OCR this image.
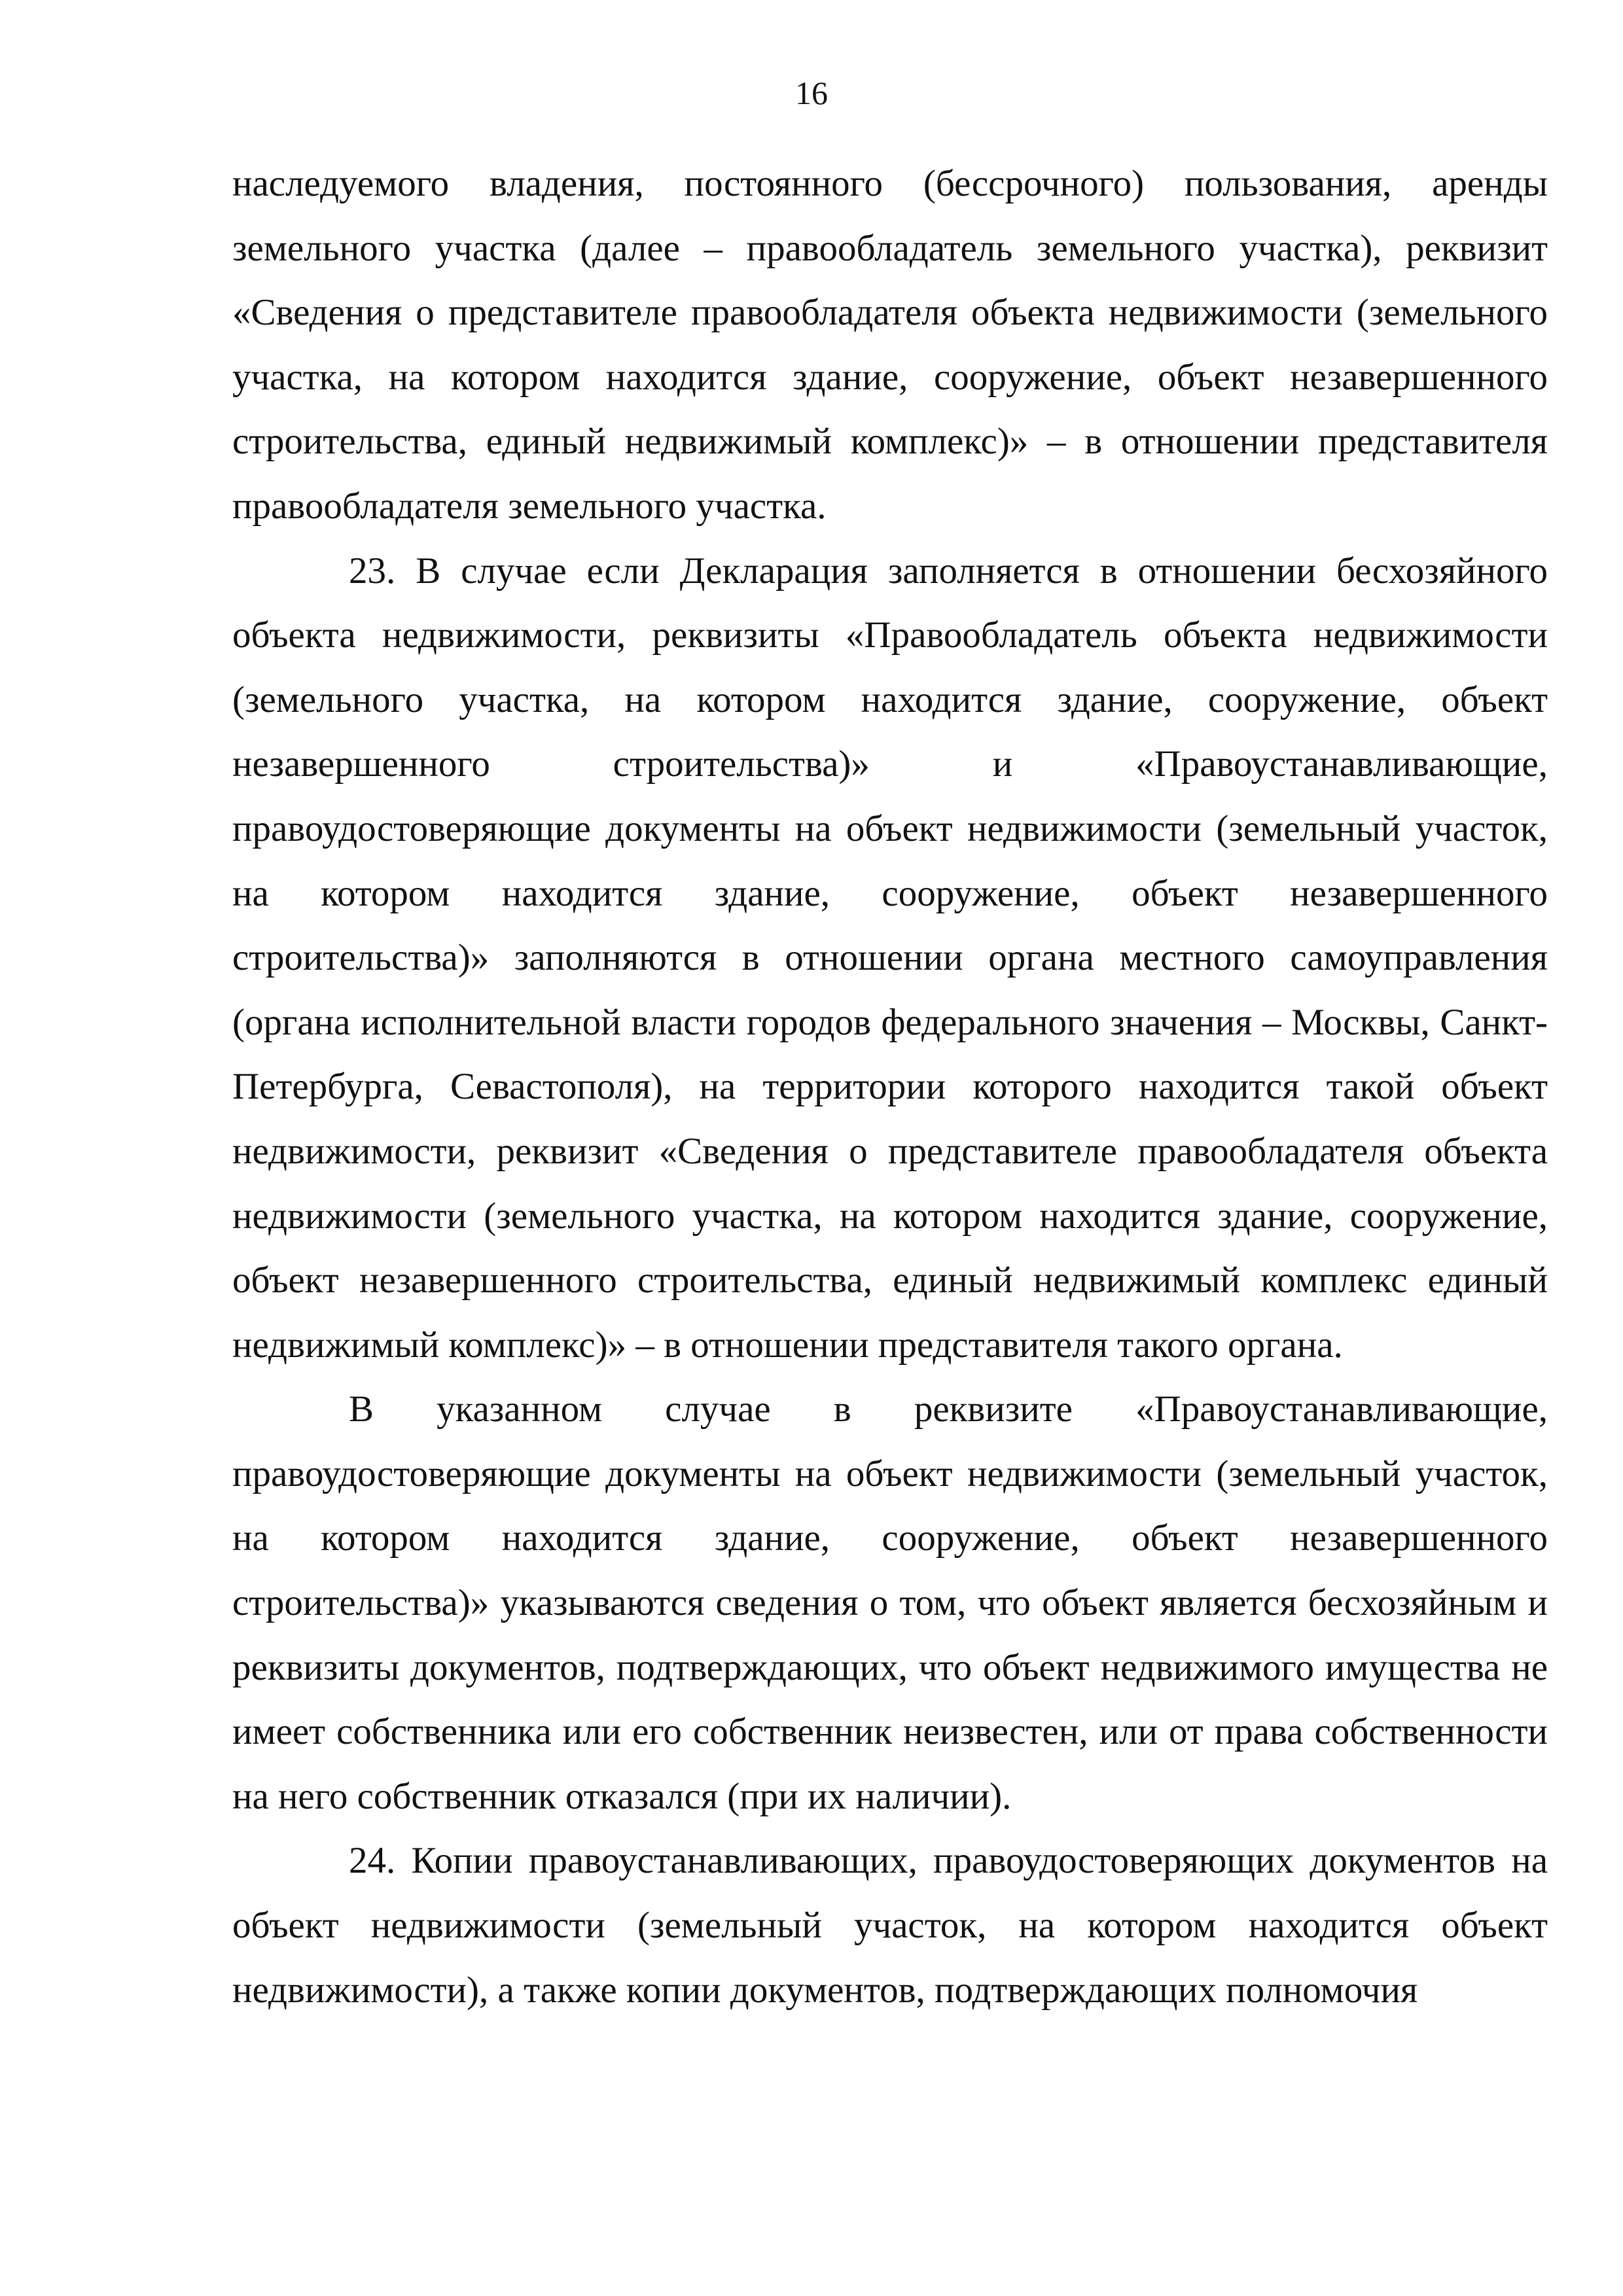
16

наследуемого владения, постоянного (бессрочного) пользования, аренды земельного участка (далее – правообладатель земельного участка), реквизит «Сведения о представителе правообладателя объекта недвижимости (земельного участка, на котором находится здание, сооружение, объект незавершенного строительства, единый недвижимый комплекс)» – в отношении представителя правообладателя земельного участка.

23. В случае если Декларация заполняется в отношении бесхозяйного объекта недвижимости, реквизиты «Правообладатель объекта недвижимости (земельного участка, на котором находится здание, сооружение, объект незавершенного строительства)» и «Правоустанавливающие, правоудостоверяющие документы на объект недвижимости (земельный участок, на котором находится здание, сооружение, объект незавершенного строительства)» заполняются в отношении органа местного самоуправления (органа исполнительной власти городов федерального значения – Москвы, Санкт-Петербурга, Севастополя), на территории которого находится такой объект недвижимости, реквизит «Сведения о представителе правообладателя объекта недвижимости (земельного участка, на котором находится здание, сооружение, объект незавершенного строительства, единый недвижимый комплекс единый недвижимый комплекс)» – в отношении представителя такого органа.

В указанном случае в реквизите «Правоустанавливающие, правоудостоверяющие документы на объект недвижимости (земельный участок, на котором находится здание, сооружение, объект незавершенного строительства)» указываются сведения о том, что объект является бесхозяйным и реквизиты документов, подтверждающих, что объект недвижимого имущества не имеет собственника или его собственник неизвестен, или от права собственности на него собственник отказался (при их наличии).

24. Копии правоустанавливающих, правоудостоверяющих документов на объект недвижимости (земельный участок, на котором находится объект недвижимости), а также копии документов, подтверждающих полномочия
